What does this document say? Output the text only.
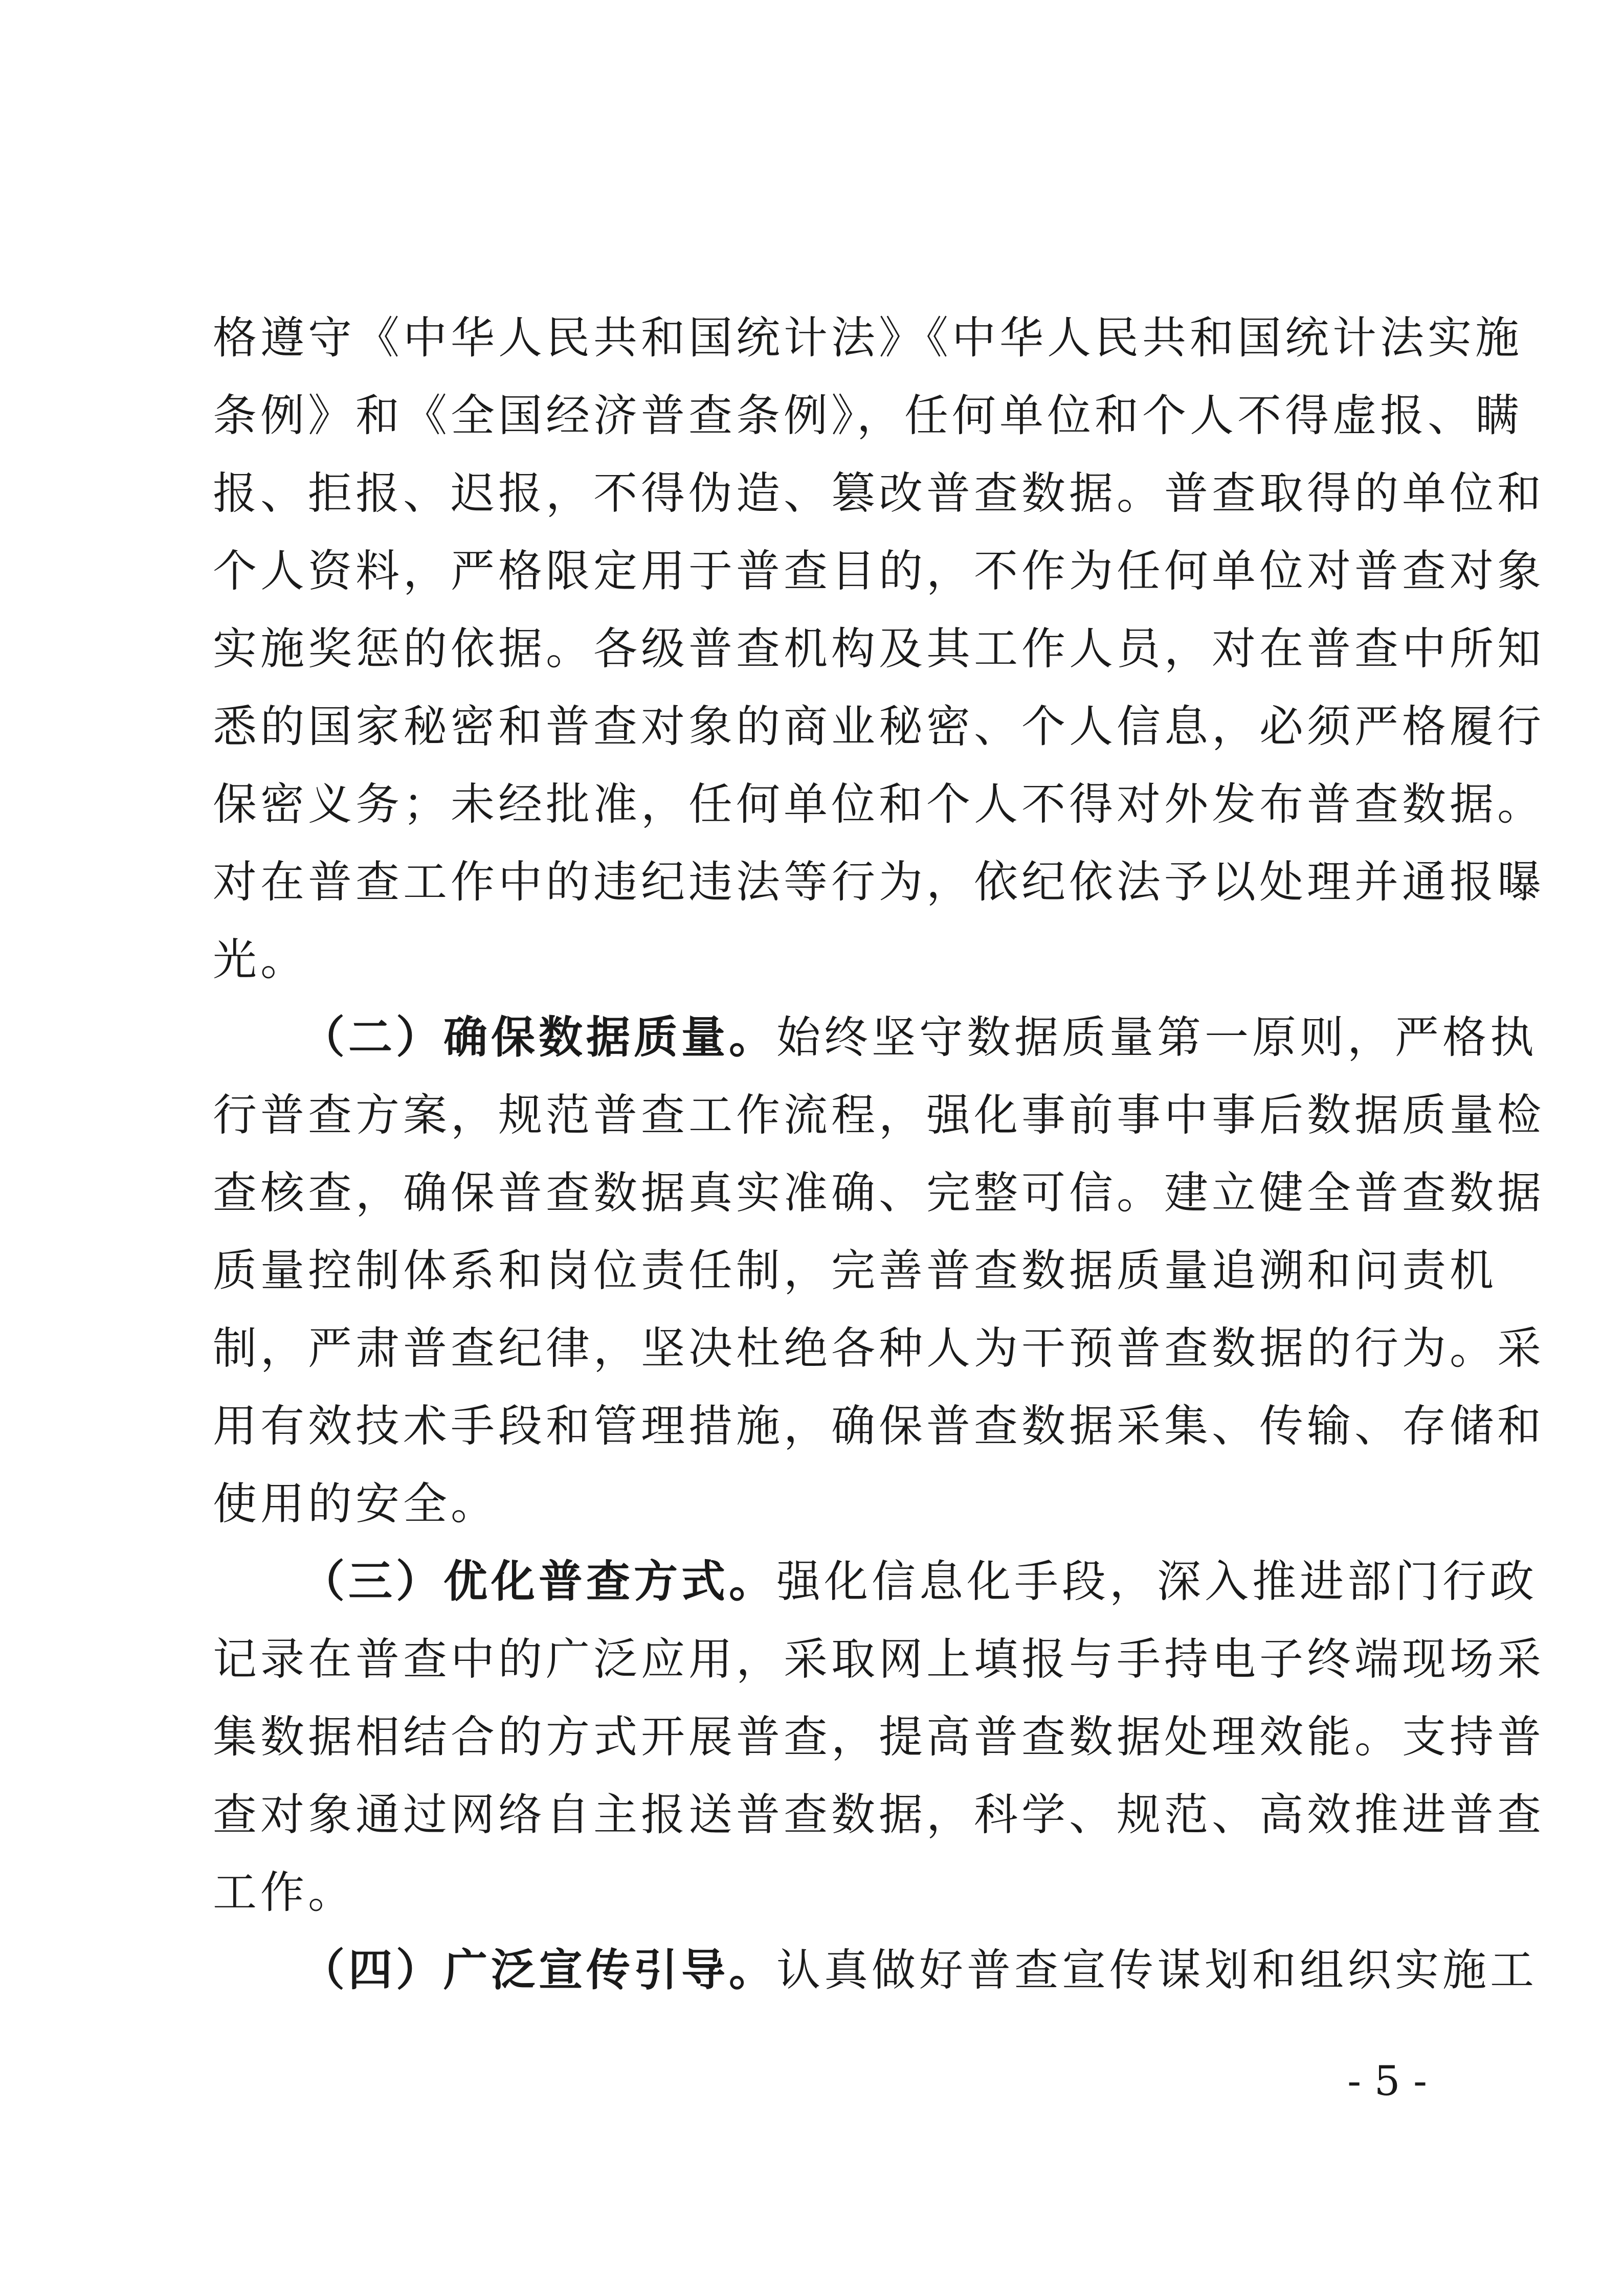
格遵守《中华人民共和国统计法》《中华人民共和国统计法实施
条例》和《全国经济普查条例》，任何单位和个人不得虚报、瞒
报、拒报、迟报，不得伪造、篡改普查数据。普查取得的单位和
个人资料，严格限定用于普查目的，不作为任何单位对普查对象
实施奖惩的依据。各级普查机构及其工作人员，对在普查中所知
悉的国家秘密和普查对象的商业秘密、个人信息，必须严格履行
保密义务；未经批准，任何单位和个人不得对外发布普查数据。
对在普查工作中的违纪违法等行为，依纪依法予以处理并通报曝
光。
（二）确保数据质量。始终坚守数据质量第一原则，严格执
行普查方案，规范普查工作流程，强化事前事中事后数据质量检
查核查，确保普查数据真实准确、完整可信。建立健全普查数据
质量控制体系和岗位责任制，完善普查数据质量追溯和问责机
制，严肃普查纪律，坚决杜绝各种人为干预普查数据的行为。采
用有效技术手段和管理措施，确保普查数据采集、传输、存储和
使用的安全。
（三）优化普查方式。强化信息化手段，深入推进部门行政
记录在普查中的广泛应用，采取网上填报与手持电子终端现场采
集数据相结合的方式开展普查，提高普查数据处理效能。支持普
查对象通过网络自主报送普查数据，科学、规范、高效推进普查
工作。
（四）广泛宣传引导。认真做好普查宣传谋划和组织实施工
- 5 -
